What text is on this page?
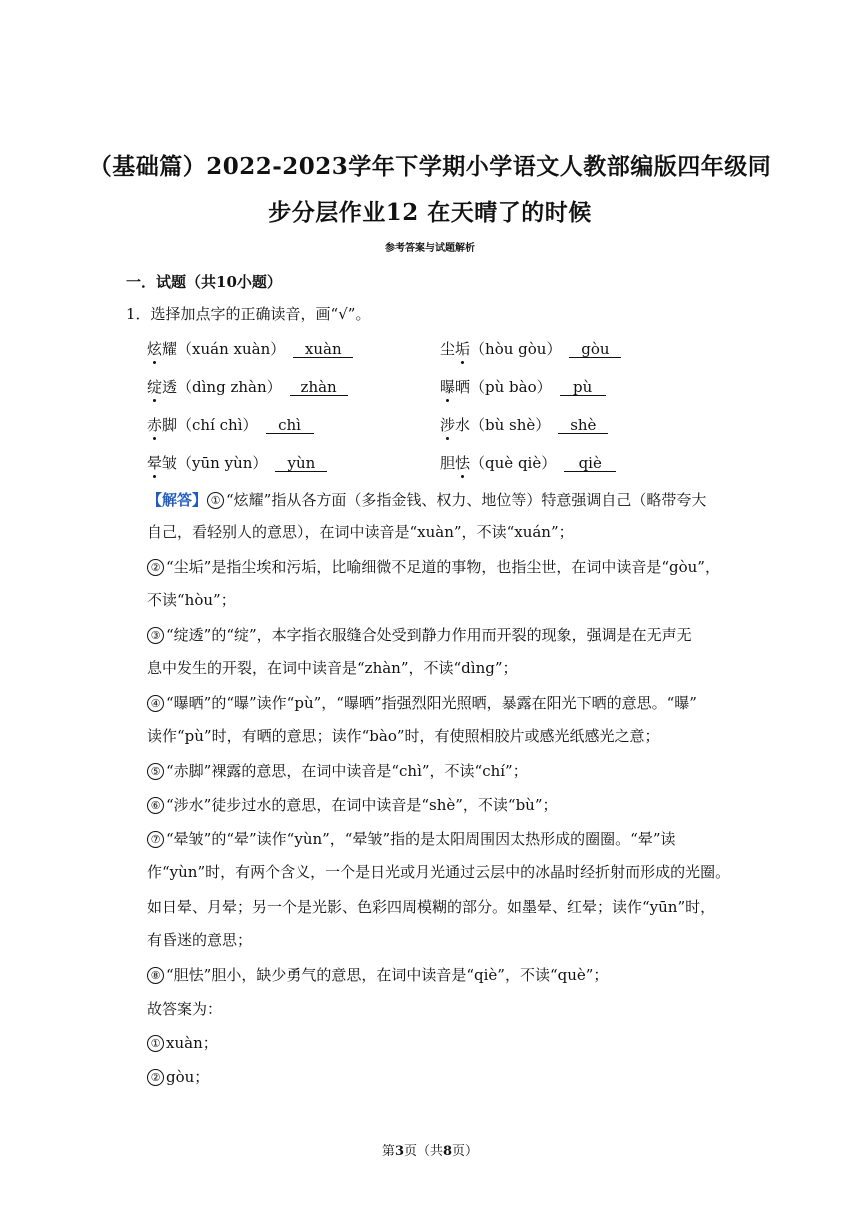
（基础篇）2022-2023学年下学期小学语文人教部编版四年级同
步分层作业12 在天晴了的时候
参考答案与试题解析
一．试题（共10小题）
1．选择加点字的正确读音，画“√”。
炫耀（xuán xuàn） xuàn	尘垢（hòu gòu） gòu
绽透（dìng zhàn） zhàn	曝晒（pù bào） pù
赤脚（chí chì） chì	涉水（bù shè） shè
晕皱（yūn yùn） yùn	胆怯（què qiè） qiè
【解答】 ① “炫耀”指从各方面（多指金钱、权力、地位等）特意强调自己（略带夸大
自己，看轻别人的意思），在词中读音是“xuàn”，不读“xuán”；
② “尘垢”是指尘埃和污垢，比喻细微不足道的事物，也指尘世，在词中读音是“gòu”，
不读“hòu”；
③ “绽透”的“绽”，本字指衣服缝合处受到静力作用而开裂的现象，强调是在无声无
息中发生的开裂，在词中读音是“zhàn”，不读“dìng”；
④ “曝晒”的“曝”读作“pù”，“曝晒”指强烈阳光照晒，暴露在阳光下晒的意思。“曝”
读作“pù”时，有晒的意思；读作“bào”时，有使照相胶片或感光纸感光之意；
⑤ “赤脚”裸露的意思，在词中读音是“chì”，不读“chí”；
⑥ “涉水”徒步过水的意思，在词中读音是“shè”，不读“bù”；
⑦ “晕皱”的“晕”读作“yùn”，“晕皱”指的是太阳周围因太热形成的圈圈。“晕”读
作“yùn”时，有两个含义，一个是日光或月光通过云层中的冰晶时经折射而形成的光圈。
如日晕、月晕；另一个是光影、色彩四周模糊的部分。如墨晕、红晕；读作“yūn”时，
有昏迷的意思；
⑧ “胆怯”胆小，缺少勇气的意思，在词中读音是“qiè”，不读“què”；
故答案为：
① xuàn；
② gòu；
第3页（共8页）
